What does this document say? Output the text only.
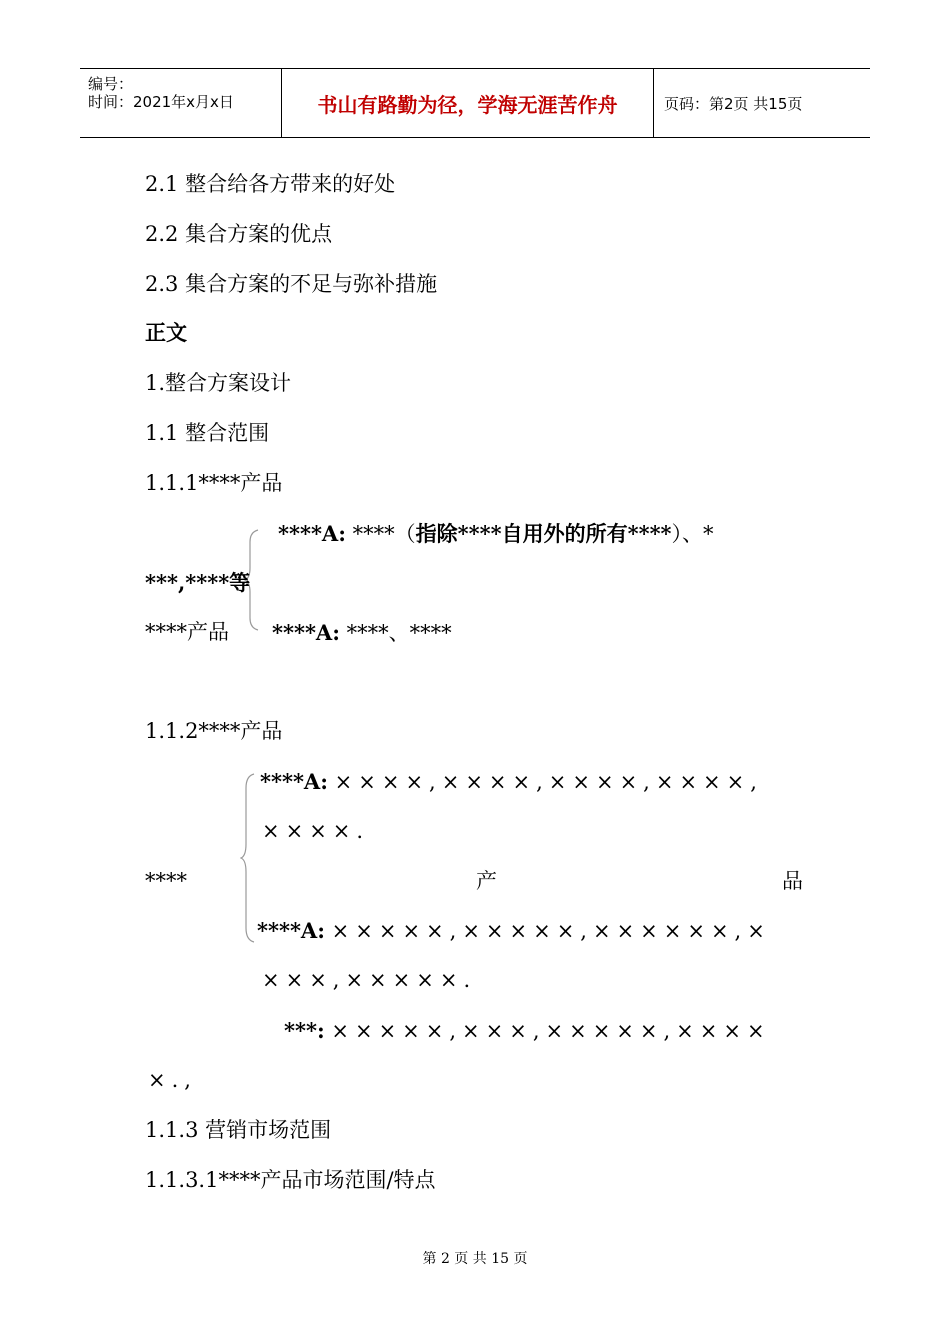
编号：
时间：2021年x月x日	书山有路勤为径，学海无涯苦作舟	页码：第2页 共15页
2.1 整合给各方带来的好处
2.2 集合方案的优点
2.3 集合方案的不足与弥补措施
正文
1.整合方案设计
1.1 整合范围
1.1.1****产品
****A: ****（指除****自用外的所有****）、*
***,****等
****产品 ****A: ****、****
1.1.2****产品
****A: ××××,××××,××××,××××,
××××.
****	产	品
****A: ×××××,×××××,××××××,×
×××,×××××.
***: ×××××,×××,×××××,××××
×.,
1.1.3 营销市场范围
1.1.3.1****产品市场范围/特点
第 2 页 共 15 页
